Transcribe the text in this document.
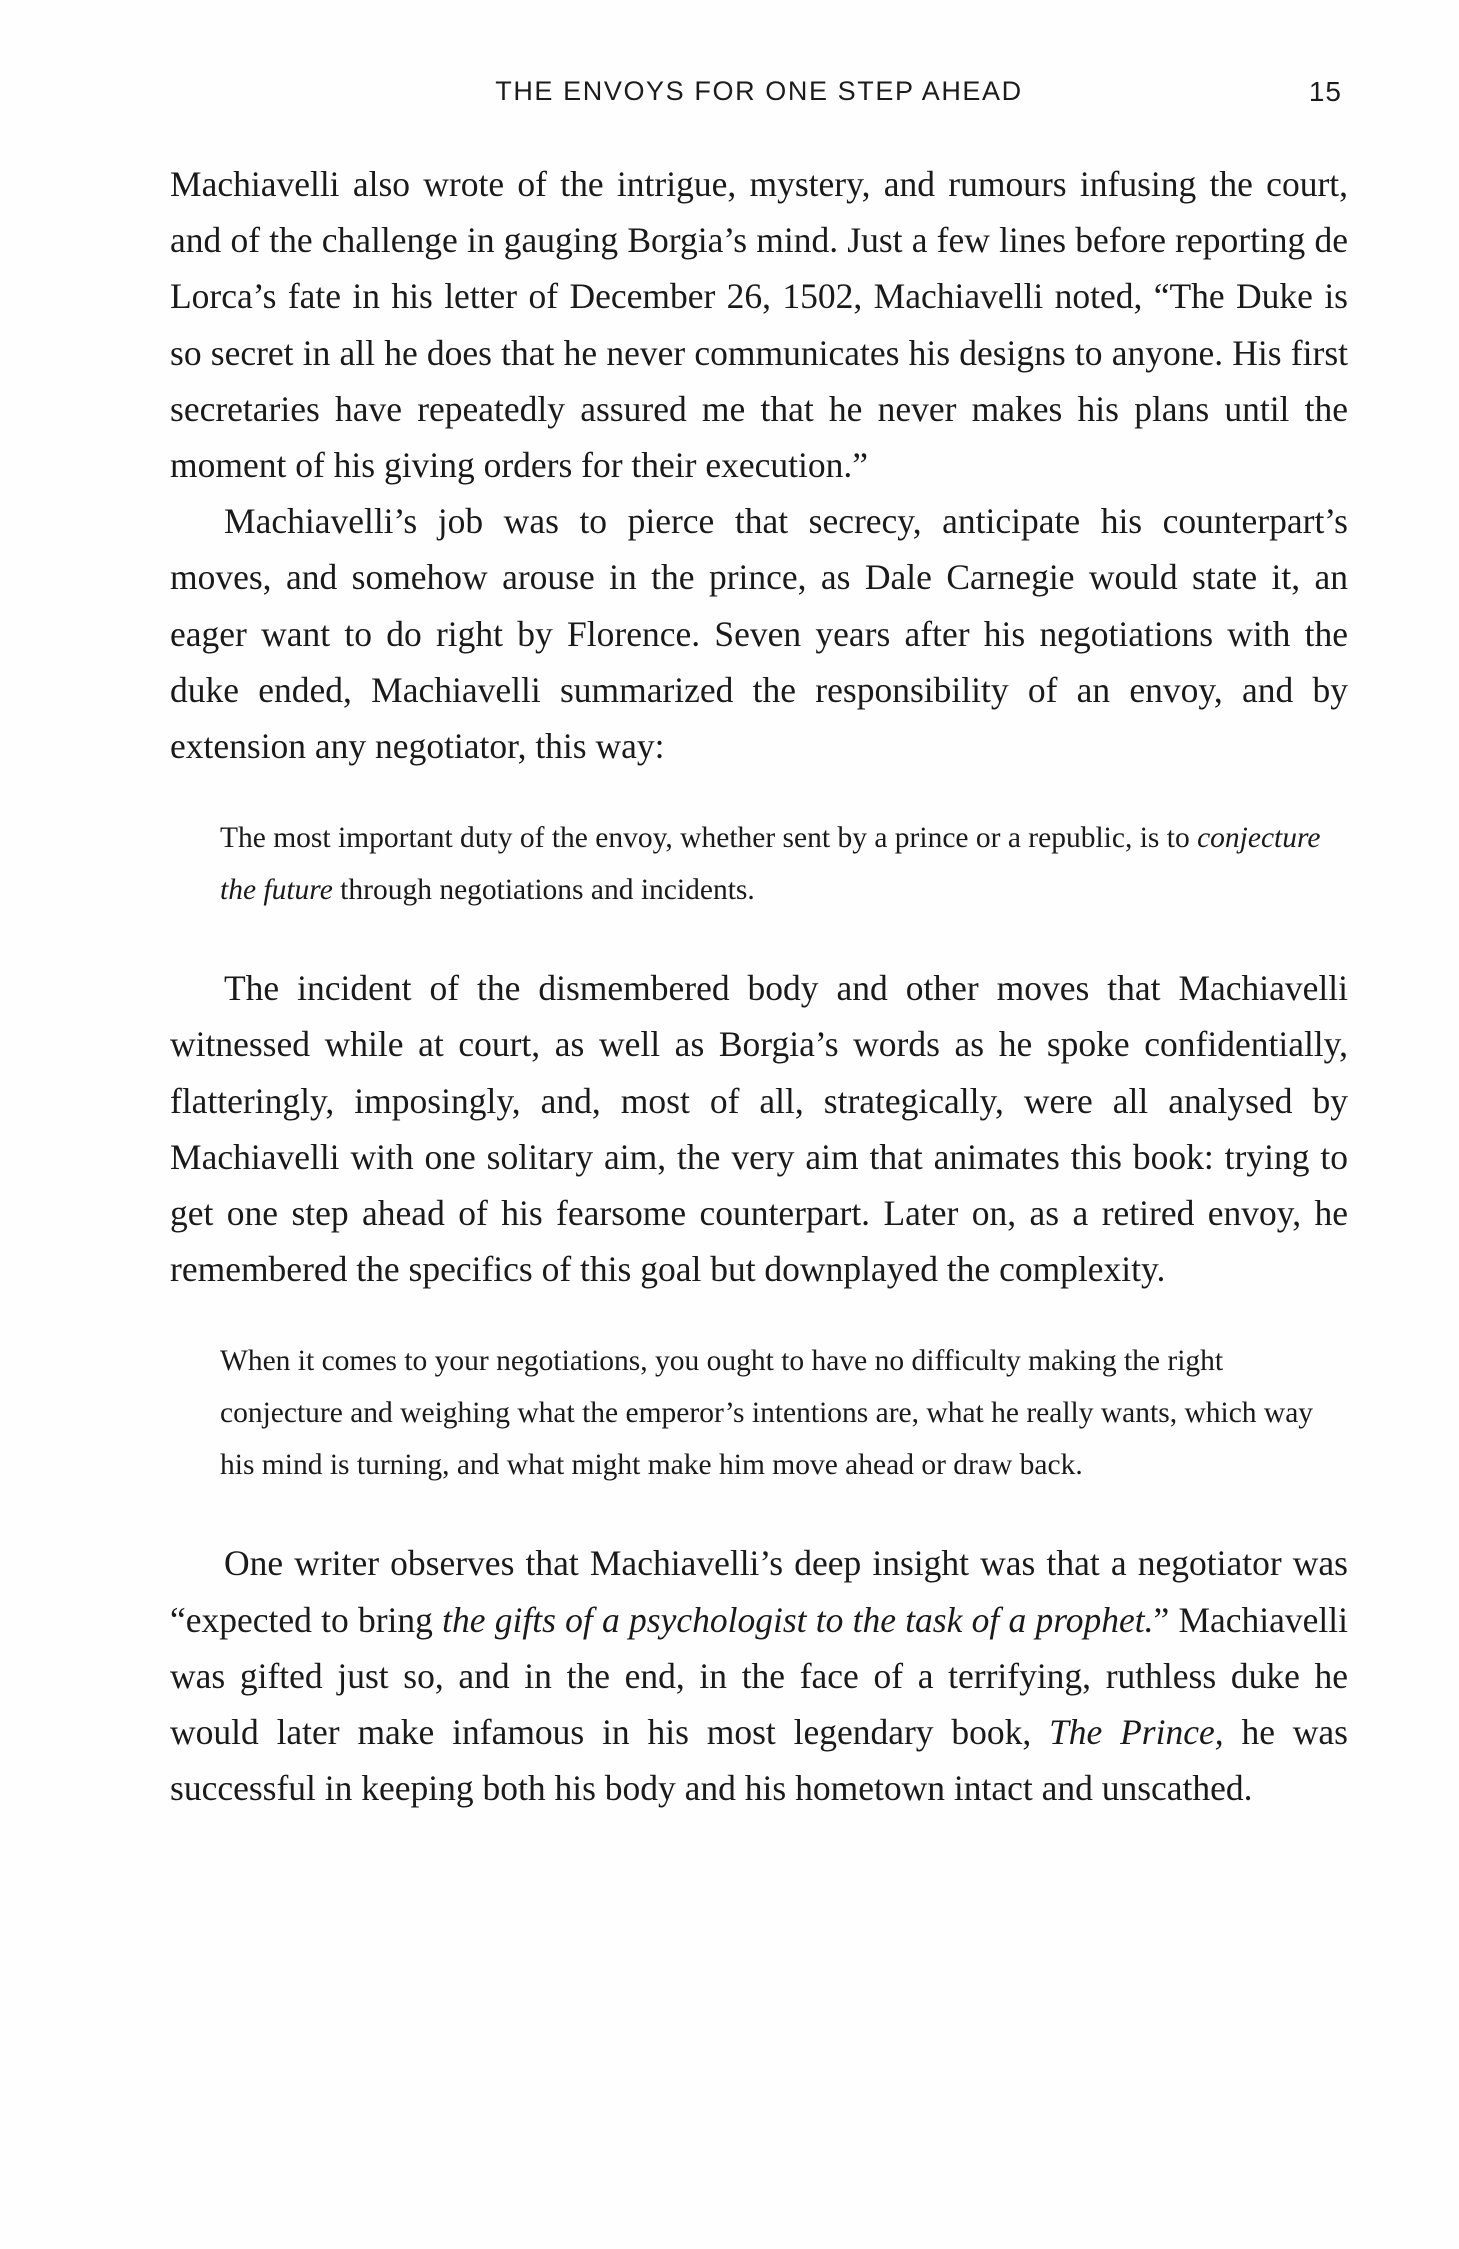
THE ENVOYS FOR ONE STEP AHEAD	15

Machiavelli also wrote of the intrigue, mystery, and rumours infusing the court, and of the challenge in gauging Borgia’s mind. Just a few lines before reporting de Lorca’s fate in his letter of December 26, 1502, Machiavelli noted, “The Duke is so secret in all he does that he never communicates his designs to anyone. His first secretaries have repeatedly assured me that he never makes his plans until the moment of his giving orders for their execution.”

Machiavelli’s job was to pierce that secrecy, anticipate his counterpart’s moves, and somehow arouse in the prince, as Dale Carnegie would state it, an eager want to do right by Florence. Seven years after his negotiations with the duke ended, Machiavelli summarized the responsibility of an envoy, and by extension any negotiator, this way:

The most important duty of the envoy, whether sent by a prince or a republic, is to conjecture the future through negotiations and incidents.

The incident of the dismembered body and other moves that Machiavelli witnessed while at court, as well as Borgia’s words as he spoke confidentially, flatteringly, imposingly, and, most of all, strategically, were all analysed by Machiavelli with one solitary aim, the very aim that animates this book: trying to get one step ahead of his fearsome counterpart. Later on, as a retired envoy, he remembered the specifics of this goal but downplayed the complexity.

When it comes to your negotiations, you ought to have no difficulty making the right conjecture and weighing what the emperor’s intentions are, what he really wants, which way his mind is turning, and what might make him move ahead or draw back.

One writer observes that Machiavelli’s deep insight was that a negotiator was “expected to bring the gifts of a psychologist to the task of a prophet.” Machiavelli was gifted just so, and in the end, in the face of a terrifying, ruthless duke he would later make infamous in his most legendary book, The Prince, he was successful in keeping both his body and his hometown intact and unscathed.
